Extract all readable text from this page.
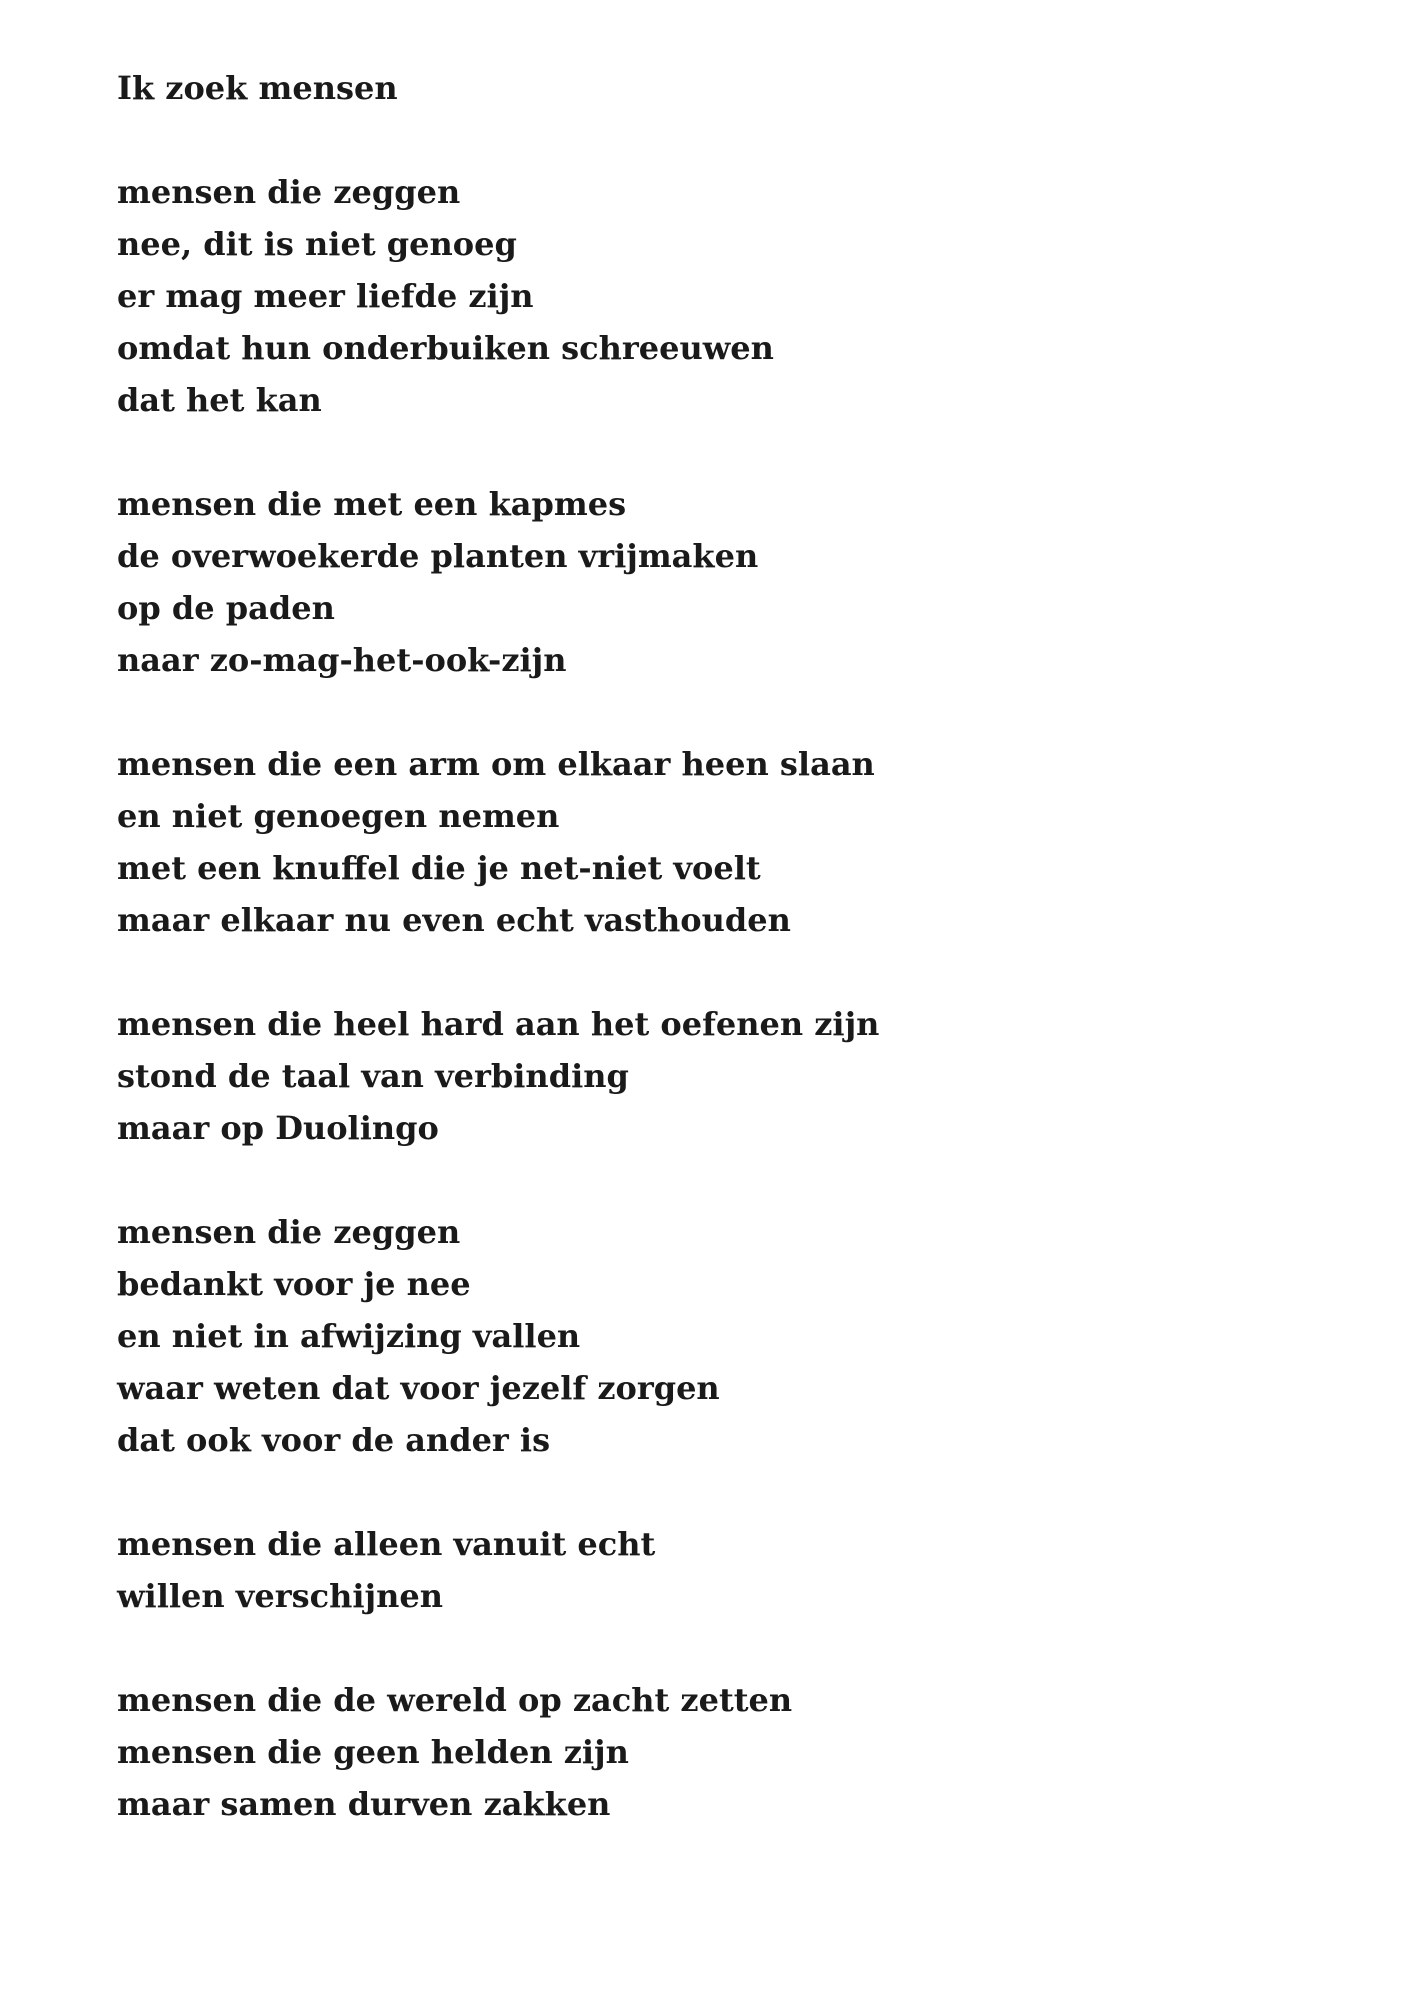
Ik zoek mensen
mensen die zeggen
nee, dit is niet genoeg
er mag meer liefde zijn
omdat hun onderbuiken schreeuwen
dat het kan
mensen die met een kapmes
de overwoekerde planten vrijmaken
op de paden
naar zo-mag-het-ook-zijn
mensen die een arm om elkaar heen slaan
en niet genoegen nemen
met een knuffel die je net-niet voelt
maar elkaar nu even echt vasthouden
mensen die heel hard aan het oefenen zijn
stond de taal van verbinding
maar op Duolingo
mensen die zeggen
bedankt voor je nee
en niet in afwijzing vallen
waar weten dat voor jezelf zorgen
dat ook voor de ander is
mensen die alleen vanuit echt
willen verschijnen
mensen die de wereld op zacht zetten
mensen die geen helden zijn
maar samen durven zakken
